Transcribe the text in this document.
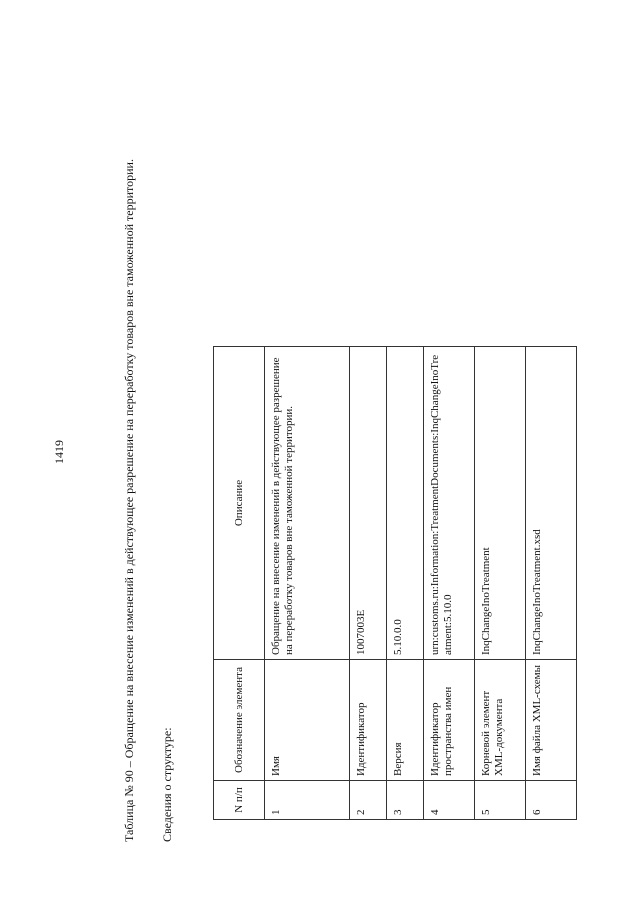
1419	Таблица № 90 – Обращение на внесение изменений в действующее разрешение на переработку товаров вне таможенной территории. Сведения о структуре:	N п/п	Обозначение элемента	Описание
1	Имя	Обращение на внесение изменений в действующее разрешение на переработку товаров вне таможенной территории.
2	Идентификатор	1007003E
3	Версия	5.10.0.0
4	Идентификатор пространства имен	urn:customs.ru:Information:TreatmentDocuments:InqChangeInoTreatment:5.10.0
5	Корневой элемент XML-документа	InqChangeInoTreatment
6	Имя файла XML-схемы	InqChangeInoTreatment.xsd
